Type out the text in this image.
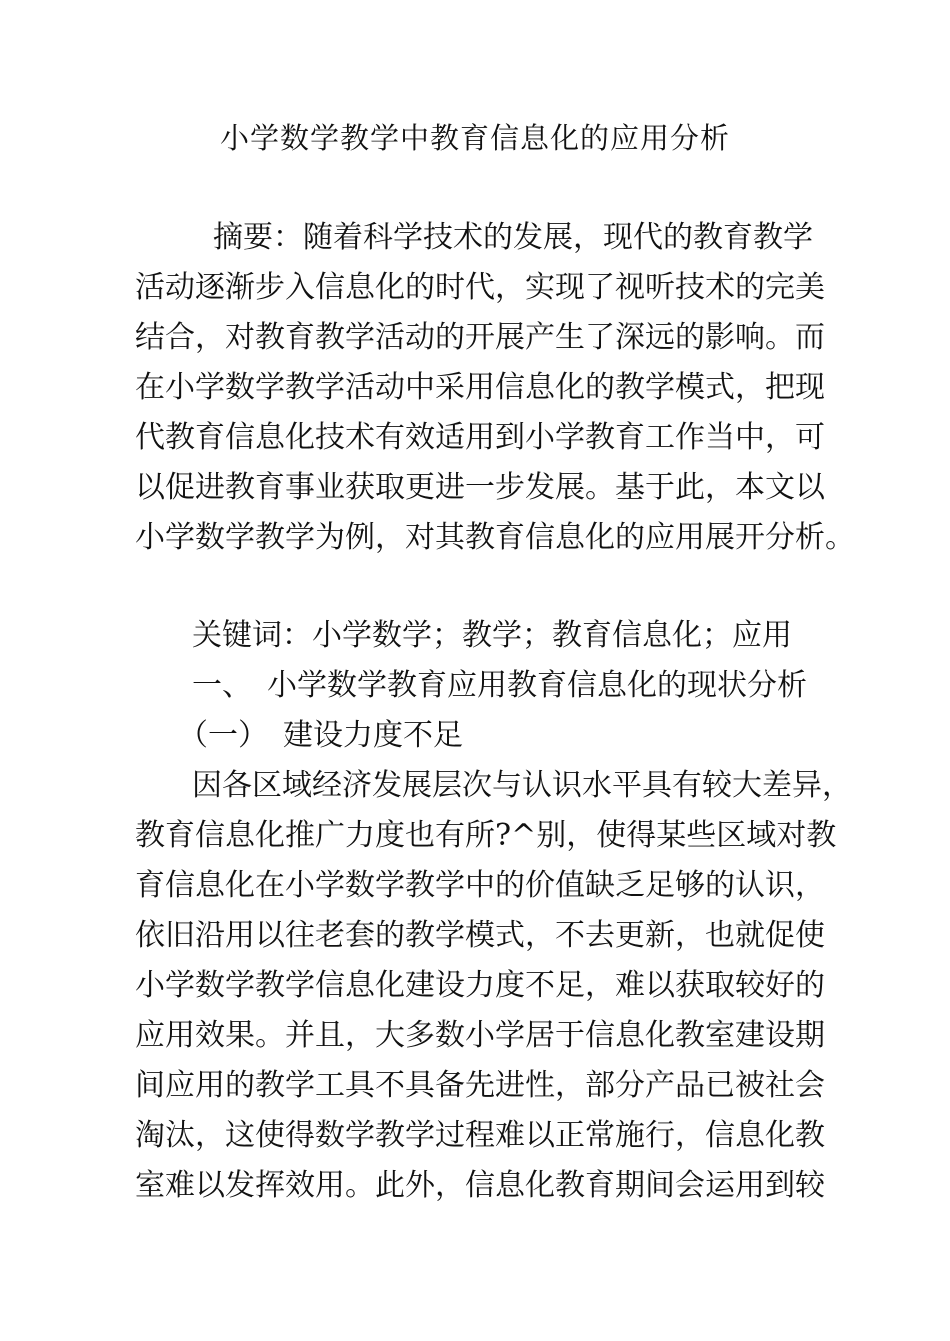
小学数学教学中教育信息化的应用分析

摘要：随着科学技术的发展，现代的教育教学

活动逐渐步入信息化的时代，实现了视听技术的完美

结合，对教育教学活动的开展产生了深远的影响。而

在小学数学教学活动中采用信息化的教学模式，把现

代教育信息化技术有效适用到小学教育工作当中，可

以促进教育事业获取更进一步发展。基于此，本文以

小学数学教学为例，对其教育信息化的应用展开分析。

关键词：小学数学；教学；教育信息化；应用

一、　小学数学教育应用教育信息化的现状分析

（一）　建设力度不足

因各区域经济发展层次与认识水平具有较大差异，

教育信息化推广力度也有所?^别，使得某些区域对教

育信息化在小学数学教学中的价值缺乏足够的认识，

依旧沿用以往老套的教学模式，不去更新，也就促使

小学数学教学信息化建设力度不足，难以获取较好的

应用效果。并且，大多数小学居于信息化教室建设期

间应用的教学工具不具备先进性，部分产品已被社会

淘汰，这使得数学教学过程难以正常施行，信息化教

室难以发挥效用。此外，信息化教育期间会运用到较
